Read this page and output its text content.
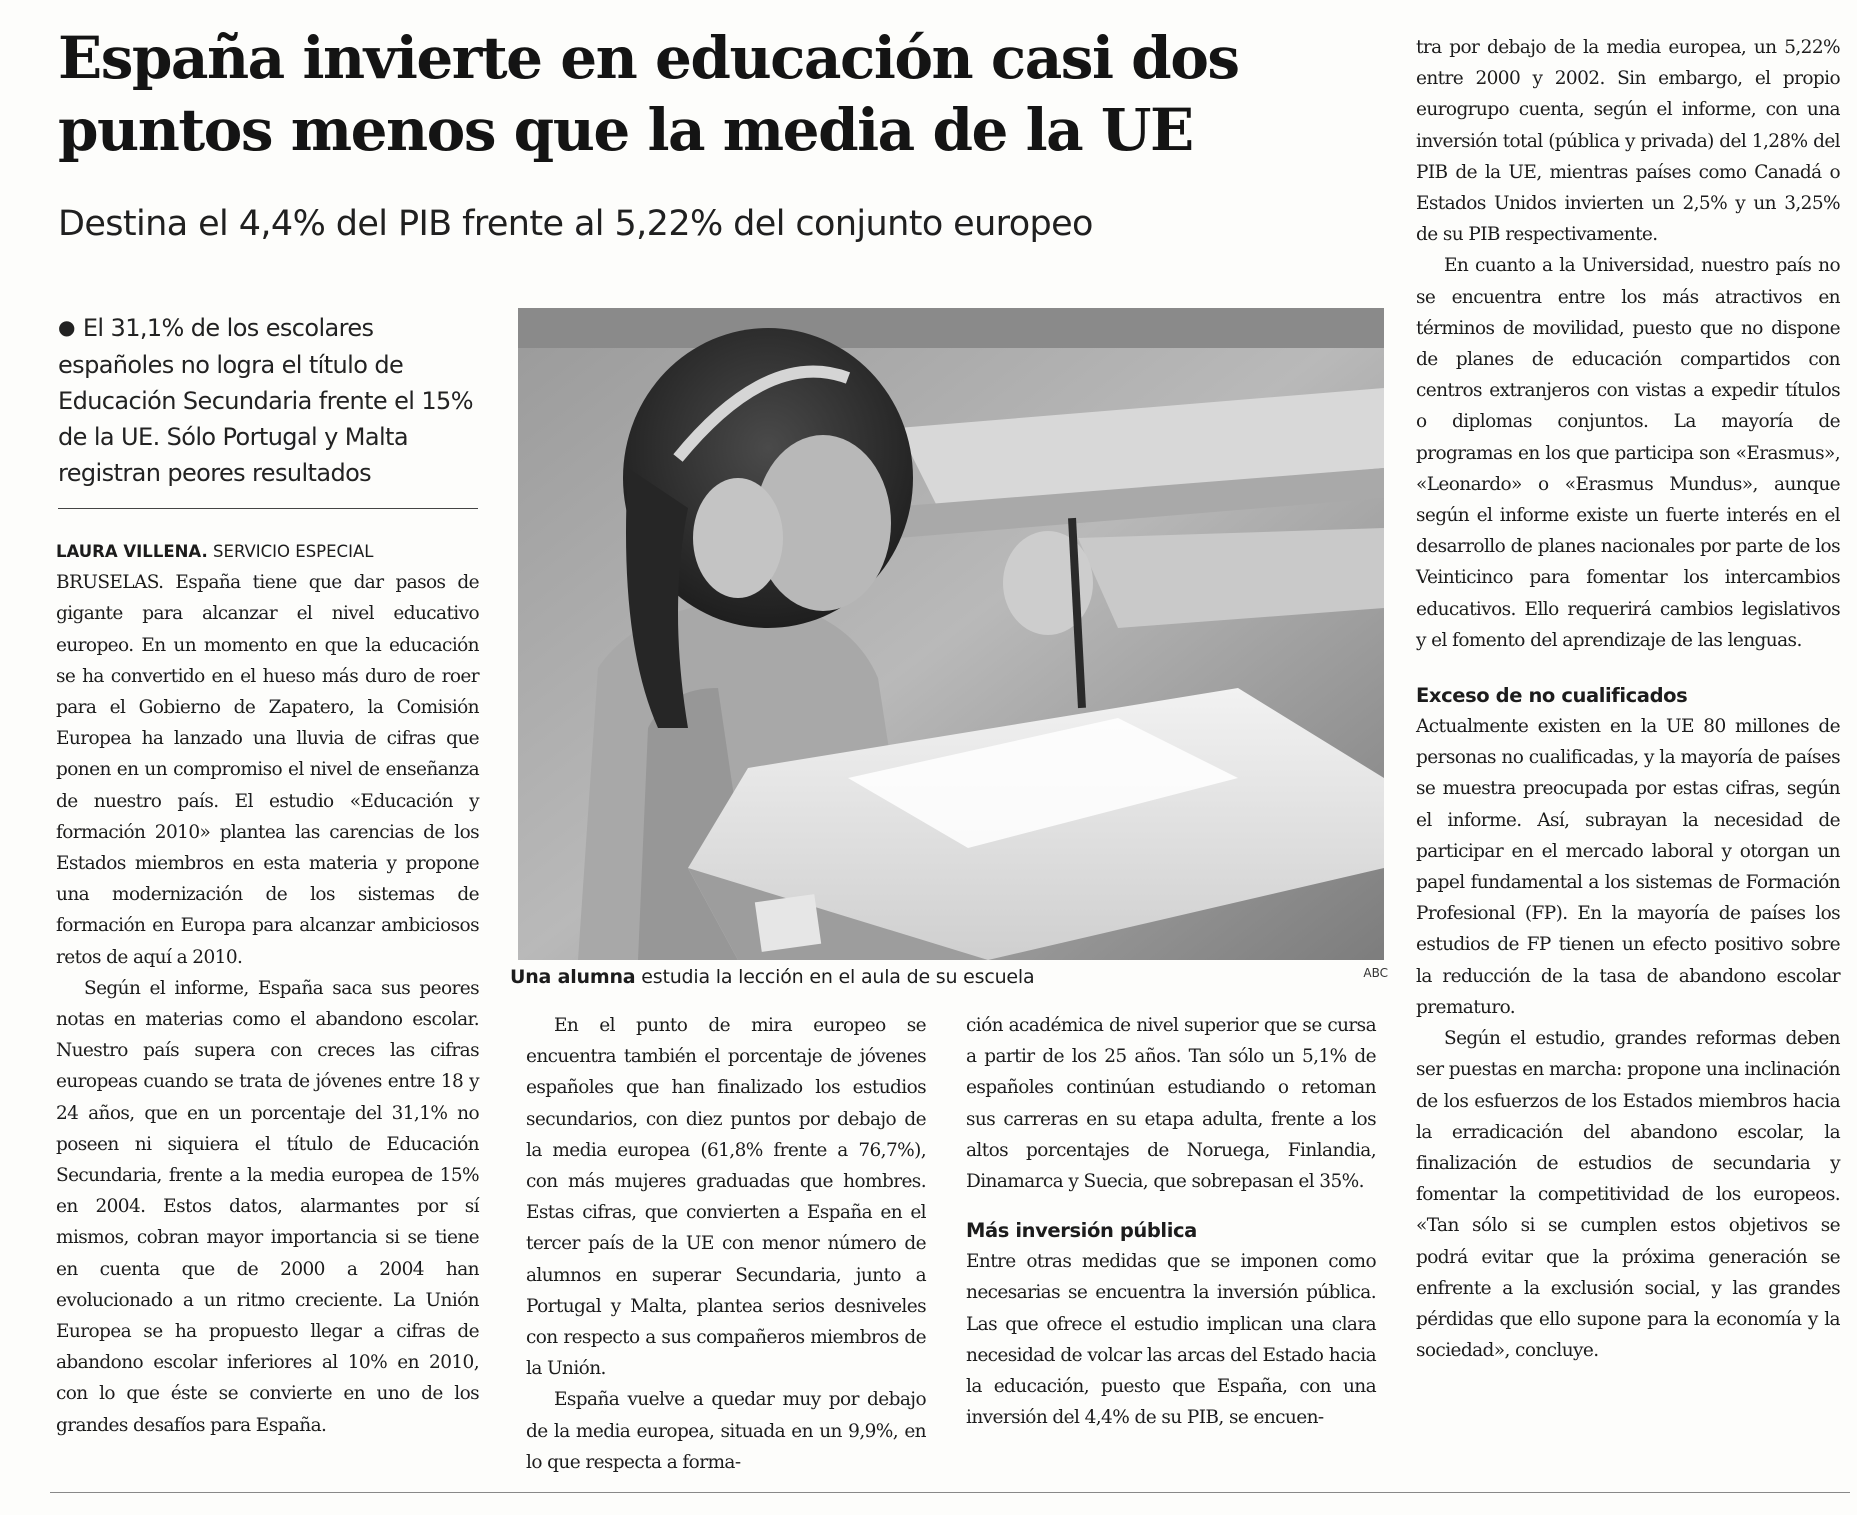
España invierte en educación casi dos
puntos menos que la media de la UE

Destina el 4,4% del PIB frente al 5,22% del conjunto europeo

● El 31,1% de los escolares españoles no logra el título de Educación Secundaria frente el 15% de la UE. Sólo Portugal y Malta registran peores resultados

LAURA VILLENA. SERVICIO ESPECIAL

BRUSELAS. España tiene que dar pasos de gigante para alcanzar el nivel educativo europeo. En un momento en que la educación se ha convertido en el hueso más duro de roer para el Gobierno de Zapatero, la Comisión Europea ha lanzado una lluvia de cifras que ponen en un compromiso el nivel de enseñanza de nuestro país. El estudio «Educación y formación 2010» plantea las carencias de los Estados miembros en esta materia y propone una modernización de los sistemas de formación en Europa para alcanzar ambiciosos retos de aquí a 2010.

Según el informe, España saca sus peores notas en materias como el abandono escolar. Nuestro país supera con creces las cifras europeas cuando se trata de jóvenes entre 18 y 24 años, que en un porcentaje del 31,1% no poseen ni siquiera el título de Educación Secundaria, frente a la media europea de 15% en 2004. Estos datos, alarmantes por sí mismos, cobran mayor importancia si se tiene en cuenta que de 2000 a 2004 han evolucionado a un ritmo creciente. La Unión Europea se ha propuesto llegar a cifras de abandono escolar inferiores al 10% en 2010, con lo que éste se convierte en uno de los grandes desafíos para España.

Una alumna estudia la lección en el aula de su escuela	ABC

En el punto de mira europeo se encuentra también el porcentaje de jóvenes españoles que han finalizado los estudios secundarios, con diez puntos por debajo de la media europea (61,8% frente a 76,7%), con más mujeres graduadas que hombres. Estas cifras, que convierten a España en el tercer país de la UE con menor número de alumnos en superar Secundaria, junto a Portugal y Malta, plantea serios desniveles con respecto a sus compañeros miembros de la Unión.

España vuelve a quedar muy por debajo de la media europea, situada en un 9,9%, en lo que respecta a forma-

ción académica de nivel superior que se cursa a partir de los 25 años. Tan sólo un 5,1% de españoles continúan estudiando o retoman sus carreras en su etapa adulta, frente a los altos porcentajes de Noruega, Finlandia, Dinamarca y Suecia, que sobrepasan el 35%.

Más inversión pública

Entre otras medidas que se imponen como necesarias se encuentra la inversión pública. Las que ofrece el estudio implican una clara necesidad de volcar las arcas del Estado hacia la educación, puesto que España, con una inversión del 4,4% de su PIB, se encuen-

tra por debajo de la media europea, un 5,22% entre 2000 y 2002. Sin embargo, el propio eurogrupo cuenta, según el informe, con una inversión total (pública y privada) del 1,28% del PIB de la UE, mientras países como Canadá o Estados Unidos invierten un 2,5% y un 3,25% de su PIB respectivamente.

En cuanto a la Universidad, nuestro país no se encuentra entre los más atractivos en términos de movilidad, puesto que no dispone de planes de educación compartidos con centros extranjeros con vistas a expedir títulos o diplomas conjuntos. La mayoría de programas en los que participa son «Erasmus», «Leonardo» o «Erasmus Mundus», aunque según el informe existe un fuerte interés en el desarrollo de planes nacionales por parte de los Veinticinco para fomentar los intercambios educativos. Ello requerirá cambios legislativos y el fomento del aprendizaje de las lenguas.

Exceso de no cualificados

Actualmente existen en la UE 80 millones de personas no cualificadas, y la mayoría de países se muestra preocupada por estas cifras, según el informe. Así, subrayan la necesidad de participar en el mercado laboral y otorgan un papel fundamental a los sistemas de Formación Profesional (FP). En la mayoría de países los estudios de FP tienen un efecto positivo sobre la reducción de la tasa de abandono escolar prematuro.

Según el estudio, grandes reformas deben ser puestas en marcha: propone una inclinación de los esfuerzos de los Estados miembros hacia la erradicación del abandono escolar, la finalización de estudios de secundaria y fomentar la competitividad de los europeos. «Tan sólo si se cumplen estos objetivos se podrá evitar que la próxima generación se enfrente a la exclusión social, y las grandes pérdidas que ello supone para la economía y la sociedad», concluye.
